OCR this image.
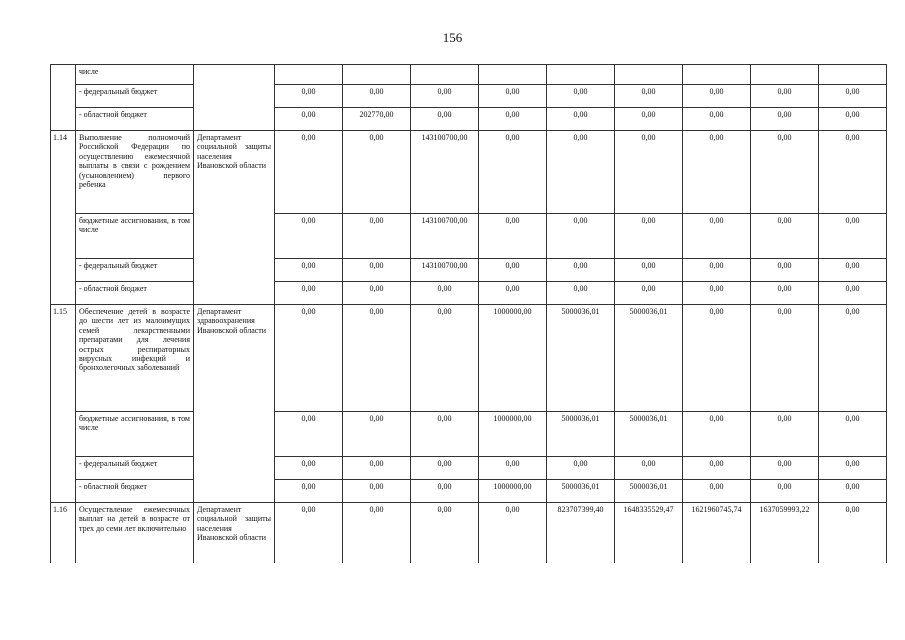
156
	числе										
	- федеральный бюджет		0,00	0,00	0,00	0,00	0,00	0,00	0,00	0,00	0,00
	- областной бюджет		0,00	202770,00	0,00	0,00	0,00	0,00	0,00	0,00	0,00
1.14	Выполнение полномочий Российской Федерации по осуществлению ежемесячной выплаты в связи с рождением (усыновлением) первого ребенка	Департамент социальной защиты населения Ивановской области	0,00	0,00	143100700,00	0,00	0,00	0,00	0,00	0,00	0,00
	бюджетные ассигнования, в том числе		0,00	0,00	143100700,00	0,00	0,00	0,00	0,00	0,00	0,00
	- федеральный бюджет		0,00	0,00	143100700,00	0,00	0,00	0,00	0,00	0,00	0,00
	- областной бюджет		0,00	0,00	0,00	0,00	0,00	0,00	0,00	0,00	0,00
1.15	Обеспечение детей в возрасте до шести лет из малоимущих семей лекарственными препаратами для лечения острых респираторных вирусных инфекций и бронхолегочных заболеваний	Департамент здравоохранения Ивановской области	0,00	0,00	0,00	1000000,00	5000036,01	5000036,01	0,00	0,00	0,00
	бюджетные ассигнования, в том числе		0,00	0,00	0,00	1000000,00	5000036,01	5000036,01	0,00	0,00	0,00
	- федеральный бюджет		0,00	0,00	0,00	0,00	0,00	0,00	0,00	0,00	0,00
	- областной бюджет		0,00	0,00	0,00	1000000,00	5000036,01	5000036,01	0,00	0,00	0,00
1.16	Осуществление ежемесячных выплат на детей в возрасте от трех до семи лет включительно	Департамент социальной защиты населения Ивановской области	0,00	0,00	0,00	0,00	823707399,40	1648335529,47	1621960745,74	1637059993,22	0,00
